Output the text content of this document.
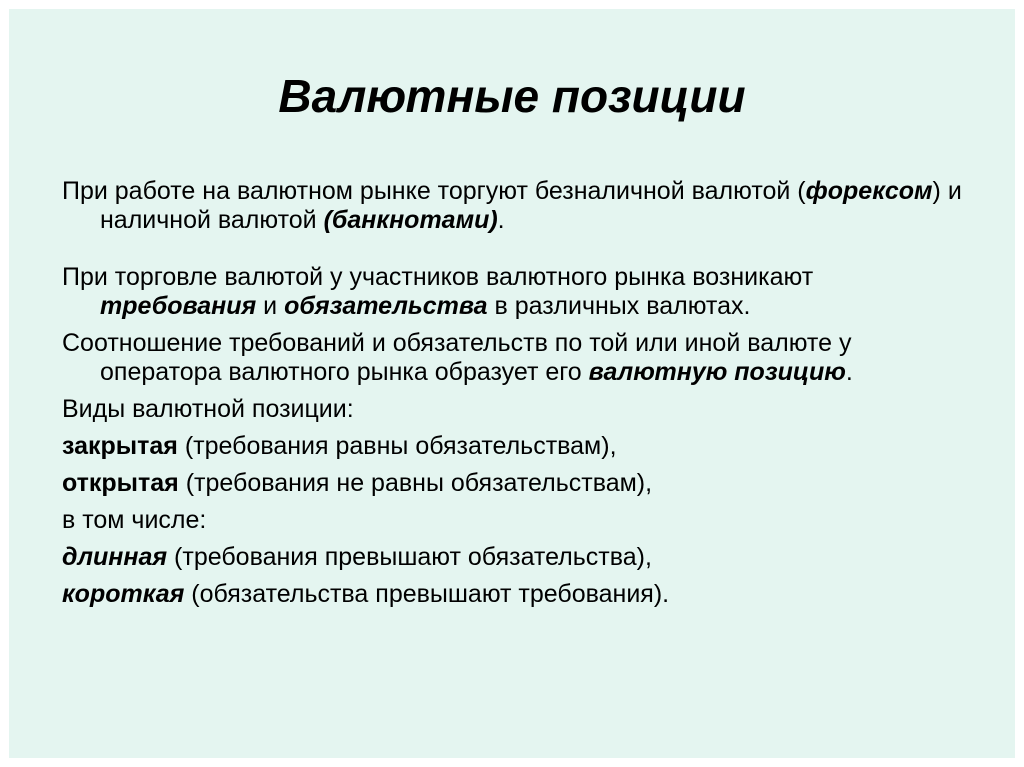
Валютные позиции

При работе на валютном рынке торгуют безналичной валютой (форексом) и наличной валютой (банкнотами).

При торговле валютой у участников валютного рынка возникают требования и обязательства в различных валютах.

Соотношение требований и обязательств по той или иной валюте у оператора валютного рынка образует его валютную позицию.

Виды валютной позиции:

закрытая (требования равны обязательствам),

открытая (требования не равны обязательствам),

в том числе:

длинная (требования превышают обязательства),

короткая (обязательства превышают требования).
